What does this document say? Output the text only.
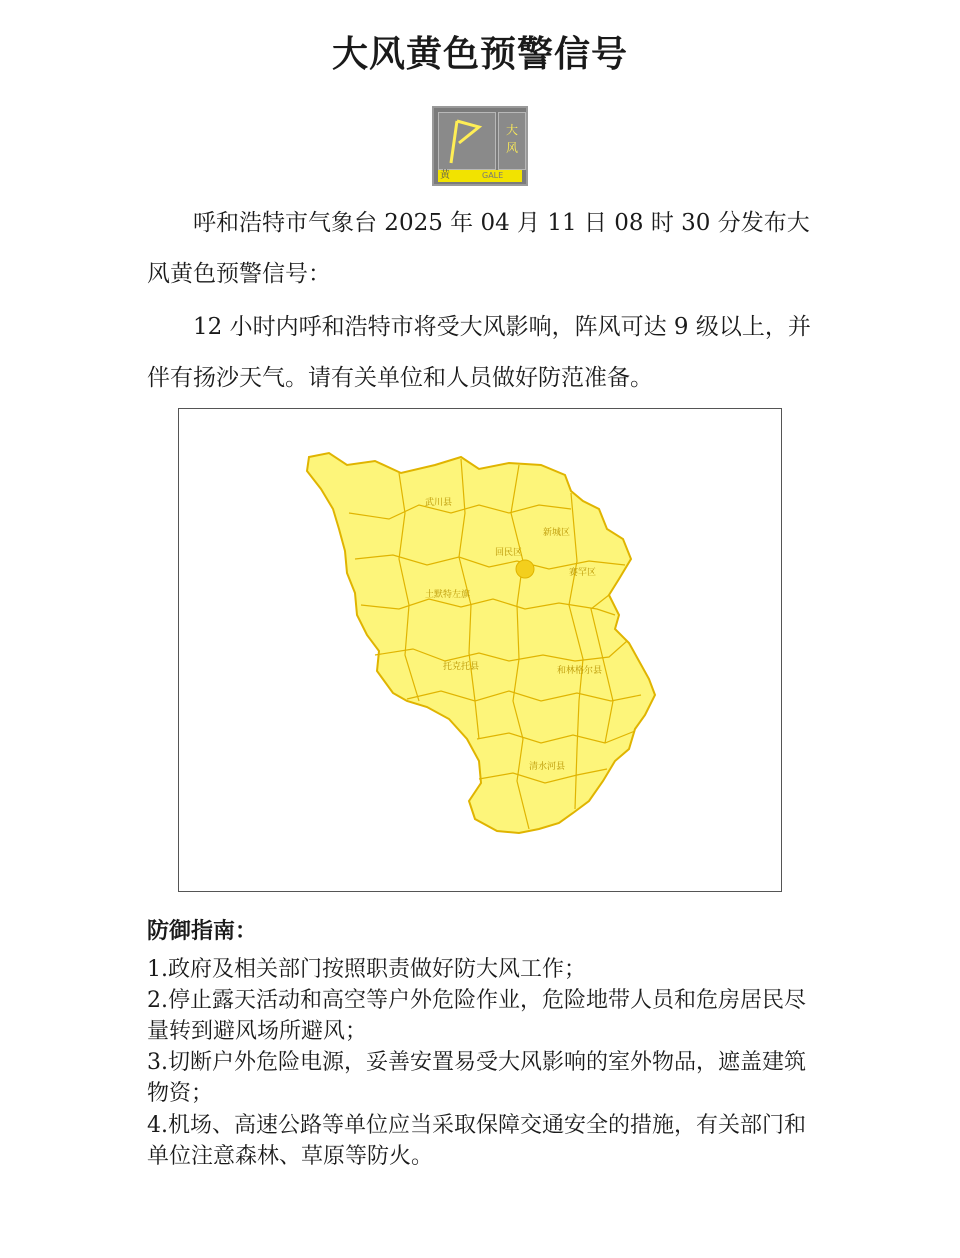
大风黄色预警信号
大
风
黄	GALE

呼和浩特市气象台 2025 年 04 月 11 日 08 时 30 分发布大风黄色预警信号：

12 小时内呼和浩特市将受大风影响，阵风可达 9 级以上，并伴有扬沙天气。请有关单位和人员做好防范准备。

武川县
新城区
回民区
赛罕区
土默特左旗
托克托县	和林格尔县
清水河县
防御指南：

1.政府及相关部门按照职责做好防大风工作；

2.停止露天活动和高空等户外危险作业，危险地带人员和危房居民尽量转到避风场所避风；

3.切断户外危险电源，妥善安置易受大风影响的室外物品，遮盖建筑物资；

4.机场、高速公路等单位应当采取保障交通安全的措施，有关部门和单位注意森林、草原等防火。
